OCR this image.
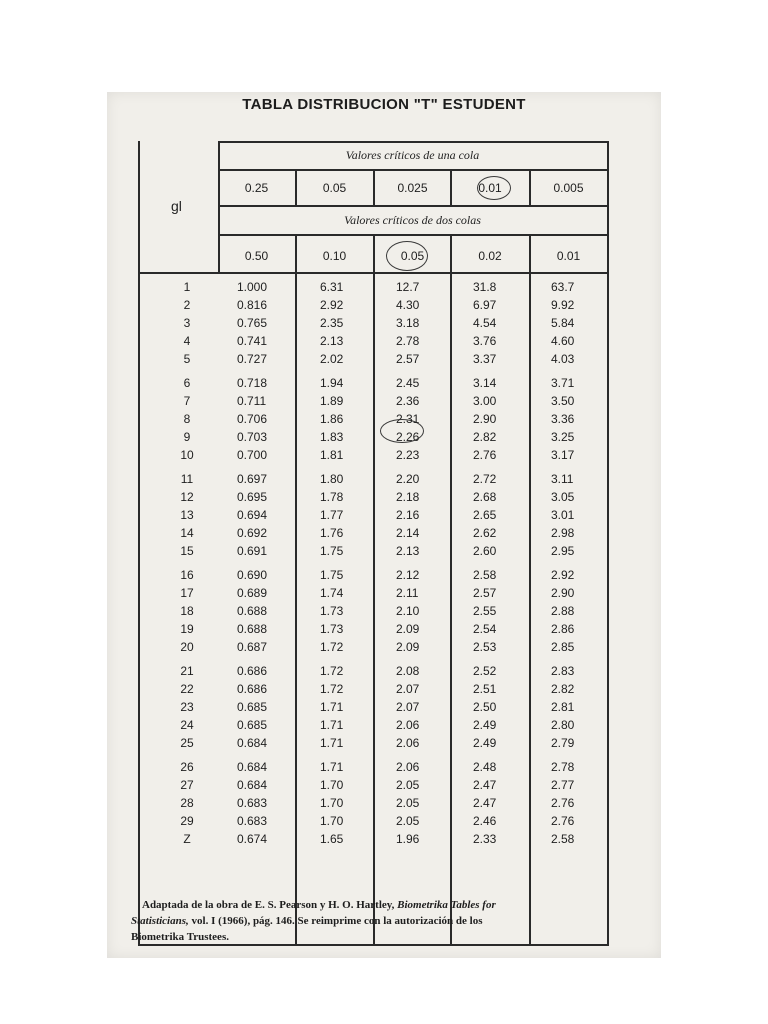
TABLA DISTRIBUCION "T" ESTUDENT
gl
Valores críticos de una cola
Valores críticos de dos colas
0.25	0.05	0.025	0.01	0.005
0.50	0.10	0.05	0.02	0.01
1	1.000	6.31	12.7	31.8	63.7
2	0.816	2.92	4.30	6.97	9.92
3	0.765	2.35	3.18	4.54	5.84
4	0.741	2.13	2.78	3.76	4.60
5	0.727	2.02	2.57	3.37	4.03
6	0.718	1.94	2.45	3.14	3.71
7	0.711	1.89	2.36	3.00	3.50
8	0.706	1.86	2.31	2.90	3.36
9	0.703	1.83	2.26	2.82	3.25
10	0.700	1.81	2.23	2.76	3.17
11	0.697	1.80	2.20	2.72	3.11
12	0.695	1.78	2.18	2.68	3.05
13	0.694	1.77	2.16	2.65	3.01
14	0.692	1.76	2.14	2.62	2.98
15	0.691	1.75	2.13	2.60	2.95
16	0.690	1.75	2.12	2.58	2.92
17	0.689	1.74	2.11	2.57	2.90
18	0.688	1.73	2.10	2.55	2.88
19	0.688	1.73	2.09	2.54	2.86
20	0.687	1.72	2.09	2.53	2.85
21	0.686	1.72	2.08	2.52	2.83
22	0.686	1.72	2.07	2.51	2.82
23	0.685	1.71	2.07	2.50	2.81
24	0.685	1.71	2.06	2.49	2.80
25	0.684	1.71	2.06	2.49	2.79
26	0.684	1.71	2.06	2.48	2.78
27	0.684	1.70	2.05	2.47	2.77
28	0.683	1.70	2.05	2.47	2.76
29	0.683	1.70	2.05	2.46	2.76
Z	0.674	1.65	1.96	2.33	2.58
Adaptada de la obra de E. S. Pearson y H. O. Hartley, Biometrika Tables for
Statisticians, vol. I (1966), pág. 146. Se reimprime con la autorización de los
Biometrika Trustees.
